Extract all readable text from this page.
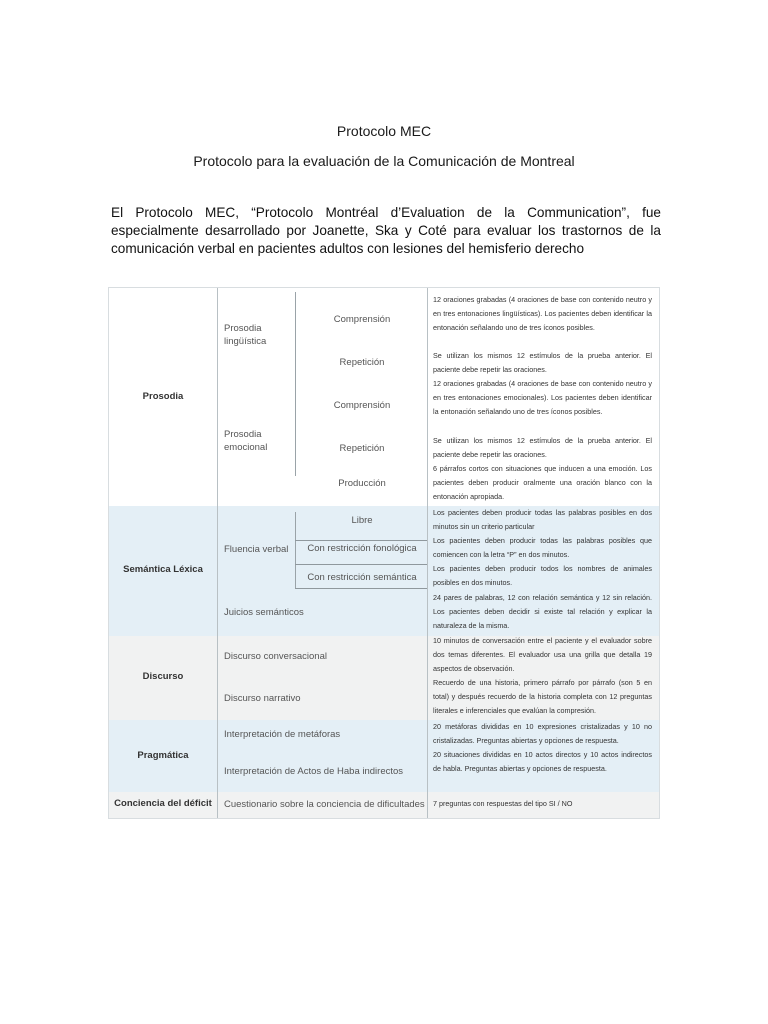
Protocolo MEC
Protocolo para la evaluación de la Comunicación de Montreal
El Protocolo MEC, “Protocolo Montréal d’Evaluation de la Communication”, fue especialmente desarrollado por Joanette, Ska y Coté para evaluar los trastornos de la comunicación verbal en pacientes adultos con lesiones del hemisferio derecho
Prosodia
Semántica Léxica
Discurso
Pragmática
Conciencia del déficit
Prosodia lingüística
Prosodia emocional
Fluencia verbal
Juicios semánticos
Discurso conversacional
Discurso narrativo
Interpretación de metáforas
Interpretación de Actos de Haba indirectos
Cuestionario sobre la conciencia de dificultades
Comprensión
Repetición
Comprensión
Repetición
Producción
Libre
Con restricción fonológica
Con restricción semántica
12 oraciones grabadas (4 oraciones de base con contenido neutro y en tres entonaciones lingüísticas). Los pacientes deben identificar la entonación señalando uno de tres íconos posibles.
Se utilizan los mismos 12 estímulos de la prueba anterior. El paciente debe repetir las oraciones.
12 oraciones grabadas (4 oraciones de base con contenido neutro y en tres entonaciones emocionales). Los pacientes deben identificar la entonación señalando uno de tres íconos posibles.
Se utilizan los mismos 12 estímulos de la prueba anterior. El paciente debe repetir las oraciones.
6 párrafos cortos con situaciones que inducen a una emoción. Los pacientes deben producir oralmente una oración blanco con la entonación apropiada.
Los pacientes deben producir todas las palabras posibles en dos minutos sin un criterio particular
Los pacientes deben producir todas las palabras posibles que comiencen con la letra “P” en dos minutos.
Los pacientes deben producir todos los nombres de animales posibles en dos minutos.
24 pares de palabras, 12 con relación semántica y 12 sin relación. Los pacientes deben decidir si existe tal relación y explicar la naturaleza de la misma.
10 minutos de conversación entre el paciente y el evaluador sobre dos temas diferentes. El evaluador usa una grilla que detalla 19 aspectos de observación.
Recuerdo de una historia, primero párrafo por párrafo (son 5 en total) y después recuerdo de la historia completa con 12 preguntas literales e inferenciales que evalúan la compresión.
20 metáforas divididas en 10 expresiones cristalizadas y 10 no cristalizadas. Preguntas abiertas y opciones de respuesta.
20 situaciones divididas en 10 actos directos y 10 actos indirectos de habla. Preguntas abiertas y opciones de respuesta.
7 preguntas con respuestas del tipo SI / NO
